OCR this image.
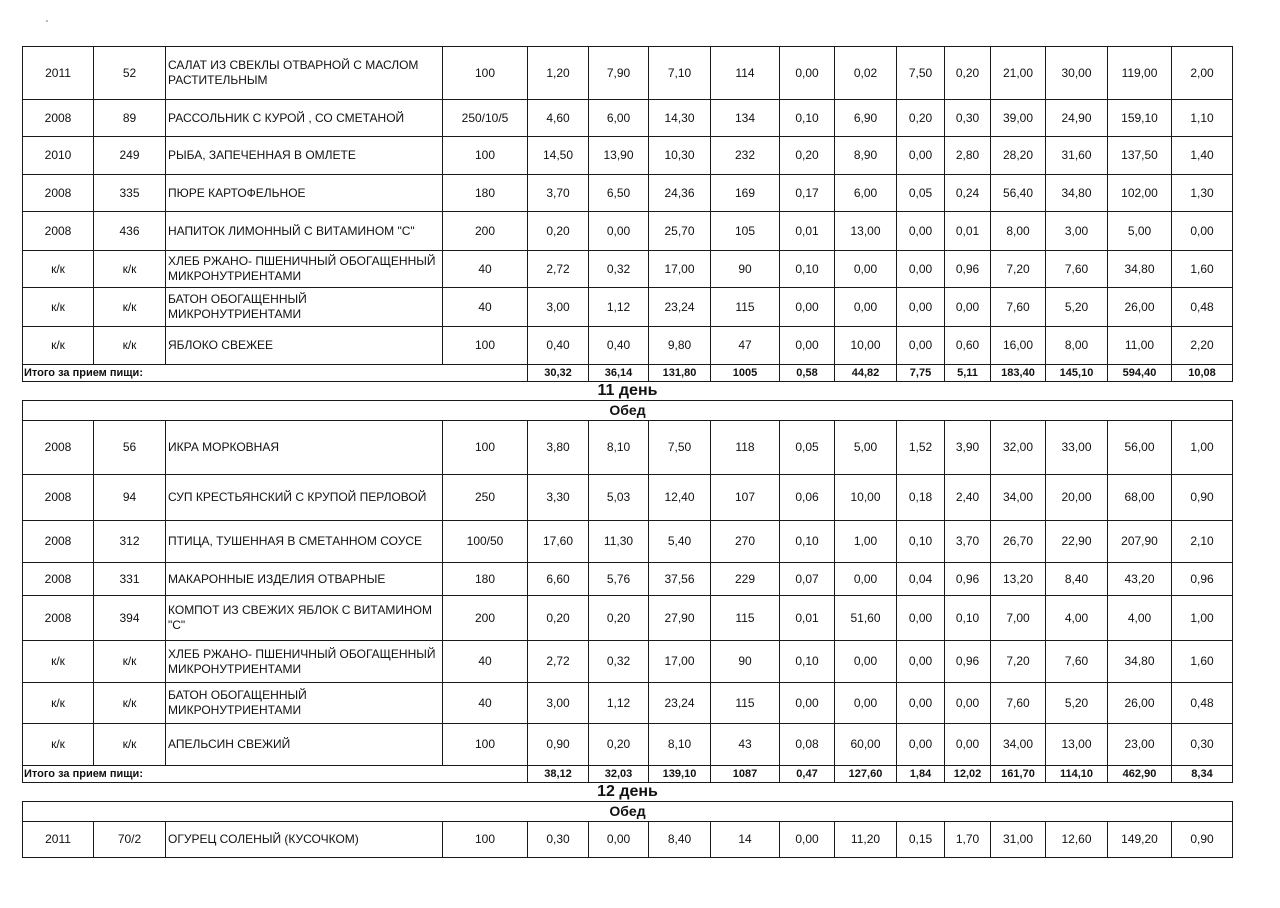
2011	52	САЛАТ ИЗ СВЕКЛЫ ОТВАРНОЙ С МАСЛОМ РАСТИТЕЛЬНЫМ	100	1,20	7,90	7,10	114	0,00	0,02	7,50	0,20	21,00	30,00	119,00	2,00
2008	89	РАССОЛЬНИК С КУРОЙ , СО СМЕТАНОЙ	250/10/5	4,60	6,00	14,30	134	0,10	6,90	0,20	0,30	39,00	24,90	159,10	1,10
2010	249	РЫБА, ЗАПЕЧЕННАЯ В ОМЛЕТЕ	100	14,50	13,90	10,30	232	0,20	8,90	0,00	2,80	28,20	31,60	137,50	1,40
2008	335	ПЮРЕ КАРТОФЕЛЬНОЕ	180	3,70	6,50	24,36	169	0,17	6,00	0,05	0,24	56,40	34,80	102,00	1,30
2008	436	НАПИТОК ЛИМОННЫЙ С ВИТАМИНОМ "С"	200	0,20	0,00	25,70	105	0,01	13,00	0,00	0,01	8,00	3,00	5,00	0,00
к/к	к/к	ХЛЕБ РЖАНО- ПШЕНИЧНЫЙ ОБОГАЩЕННЫЙ МИКРОНУТРИЕНТАМИ	40	2,72	0,32	17,00	90	0,10	0,00	0,00	0,96	7,20	7,60	34,80	1,60
к/к	к/к	БАТОН ОБОГАЩЕННЫЙ МИКРОНУТРИЕНТАМИ	40	3,00	1,12	23,24	115	0,00	0,00	0,00	0,00	7,60	5,20	26,00	0,48
к/к	к/к	ЯБЛОКО СВЕЖЕЕ	100	0,40	0,40	9,80	47	0,00	10,00	0,00	0,60	16,00	8,00	11,00	2,20
Итого за прием пищи:				30,32	36,14	131,80	1005	0,58	44,82	7,75	5,11	183,40	145,10	594,40	10,08
11 день															
Обед															
2008	56	ИКРА МОРКОВНАЯ	100	3,80	8,10	7,50	118	0,05	5,00	1,52	3,90	32,00	33,00	56,00	1,00
2008	94	СУП КРЕСТЬЯНСКИЙ С КРУПОЙ ПЕРЛОВОЙ	250	3,30	5,03	12,40	107	0,06	10,00	0,18	2,40	34,00	20,00	68,00	0,90
2008	312	ПТИЦА, ТУШЕННАЯ В СМЕТАННОМ СОУСЕ	100/50	17,60	11,30	5,40	270	0,10	1,00	0,10	3,70	26,70	22,90	207,90	2,10
2008	331	МАКАРОННЫЕ ИЗДЕЛИЯ ОТВАРНЫЕ	180	6,60	5,76	37,56	229	0,07	0,00	0,04	0,96	13,20	8,40	43,20	0,96
2008	394	КОМПОТ ИЗ СВЕЖИХ ЯБЛОК С ВИТАМИНОМ "С"	200	0,20	0,20	27,90	115	0,01	51,60	0,00	0,10	7,00	4,00	4,00	1,00
к/к	к/к	ХЛЕБ РЖАНО- ПШЕНИЧНЫЙ ОБОГАЩЕННЫЙ МИКРОНУТРИЕНТАМИ	40	2,72	0,32	17,00	90	0,10	0,00	0,00	0,96	7,20	7,60	34,80	1,60
к/к	к/к	БАТОН ОБОГАЩЕННЫЙ МИКРОНУТРИЕНТАМИ	40	3,00	1,12	23,24	115	0,00	0,00	0,00	0,00	7,60	5,20	26,00	0,48
к/к	к/к	АПЕЛЬСИН СВЕЖИЙ	100	0,90	0,20	8,10	43	0,08	60,00	0,00	0,00	34,00	13,00	23,00	0,30
Итого за прием пищи:				38,12	32,03	139,10	1087	0,47	127,60	1,84	12,02	161,70	114,10	462,90	8,34
12 день															
Обед															
2011	70/2	ОГУРЕЦ СОЛЕНЫЙ (КУСОЧКОМ)	100	0,30	0,00	8,40	14	0,00	11,20	0,15	1,70	31,00	12,60	149,20	0,90
